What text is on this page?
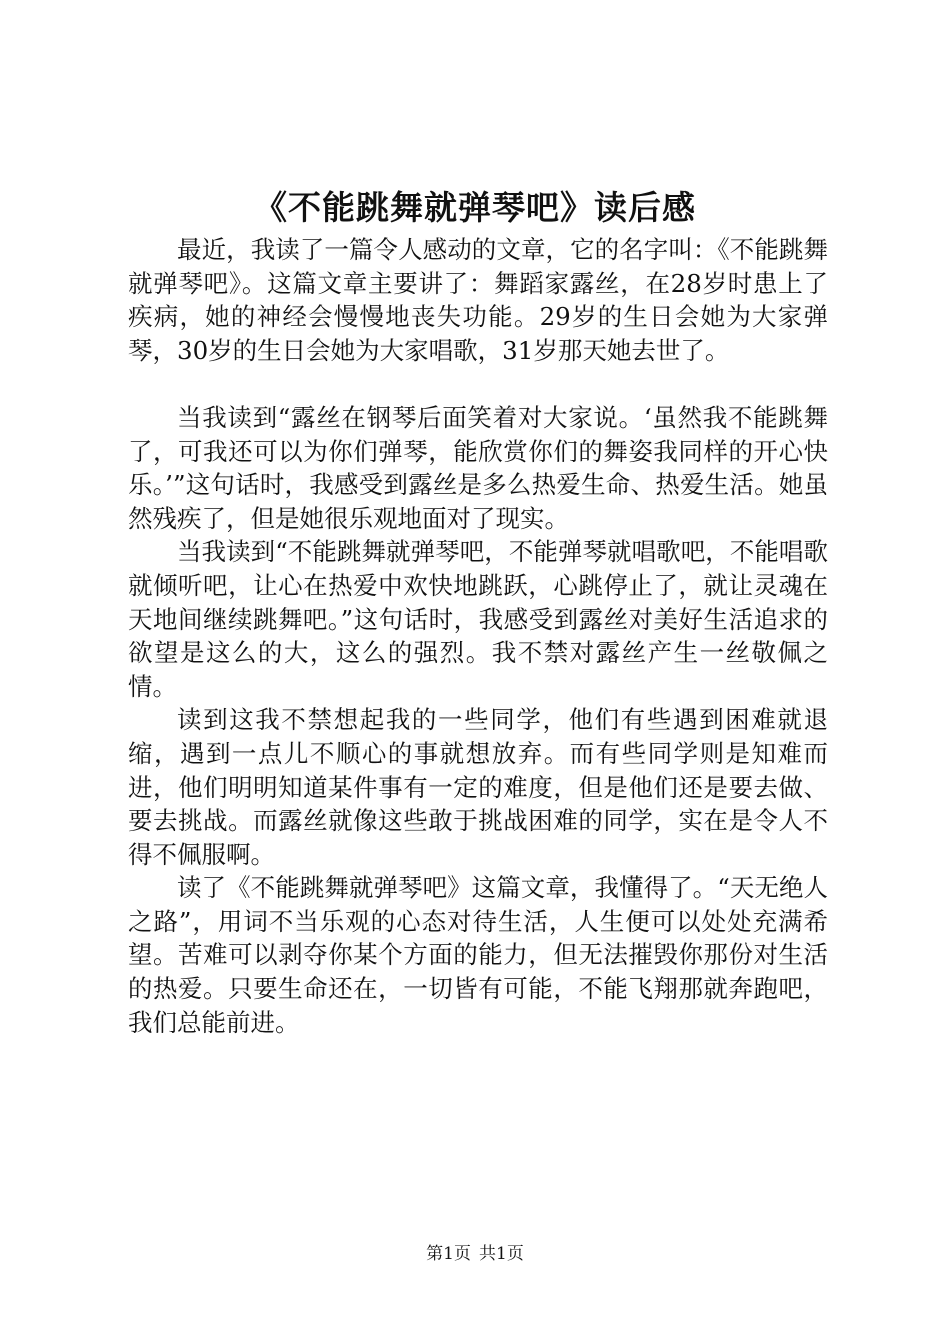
《不能跳舞就弹琴吧》读后感

最近，我读了一篇令人感动的文章，它的名字叫：《不能跳舞就弹琴吧》。这篇文章主要讲了：舞蹈家露丝，在28岁时患上了疾病，她的神经会慢慢地丧失功能。29岁的生日会她为大家弹琴，30岁的生日会她为大家唱歌，31岁那天她去世了。

当我读到“露丝在钢琴后面笑着对大家说。‘虽然我不能跳舞了，可我还可以为你们弹琴，能欣赏你们的舞姿我同样的开心快乐。’”这句话时，我感受到露丝是多么热爱生命、热爱生活。她虽然残疾了，但是她很乐观地面对了现实。

当我读到“不能跳舞就弹琴吧，不能弹琴就唱歌吧，不能唱歌就倾听吧，让心在热爱中欢快地跳跃，心跳停止了，就让灵魂在天地间继续跳舞吧。”这句话时，我感受到露丝对美好生活追求的欲望是这么的大，这么的强烈。我不禁对露丝产生一丝敬佩之情。

读到这我不禁想起我的一些同学，他们有些遇到困难就退缩，遇到一点儿不顺心的事就想放弃。而有些同学则是知难而进，他们明明知道某件事有一定的难度，但是他们还是要去做、要去挑战。而露丝就像这些敢于挑战困难的同学，实在是令人不得不佩服啊。

读了《不能跳舞就弹琴吧》这篇文章，我懂得了。“天无绝人之路”，用词不当乐观的心态对待生活，人生便可以处处充满希望。苦难可以剥夺你某个方面的能力，但无法摧毁你那份对生活的热爱。只要生命还在，一切皆有可能，不能飞翔那就奔跑吧，我们总能前进。

第1页 共1页
